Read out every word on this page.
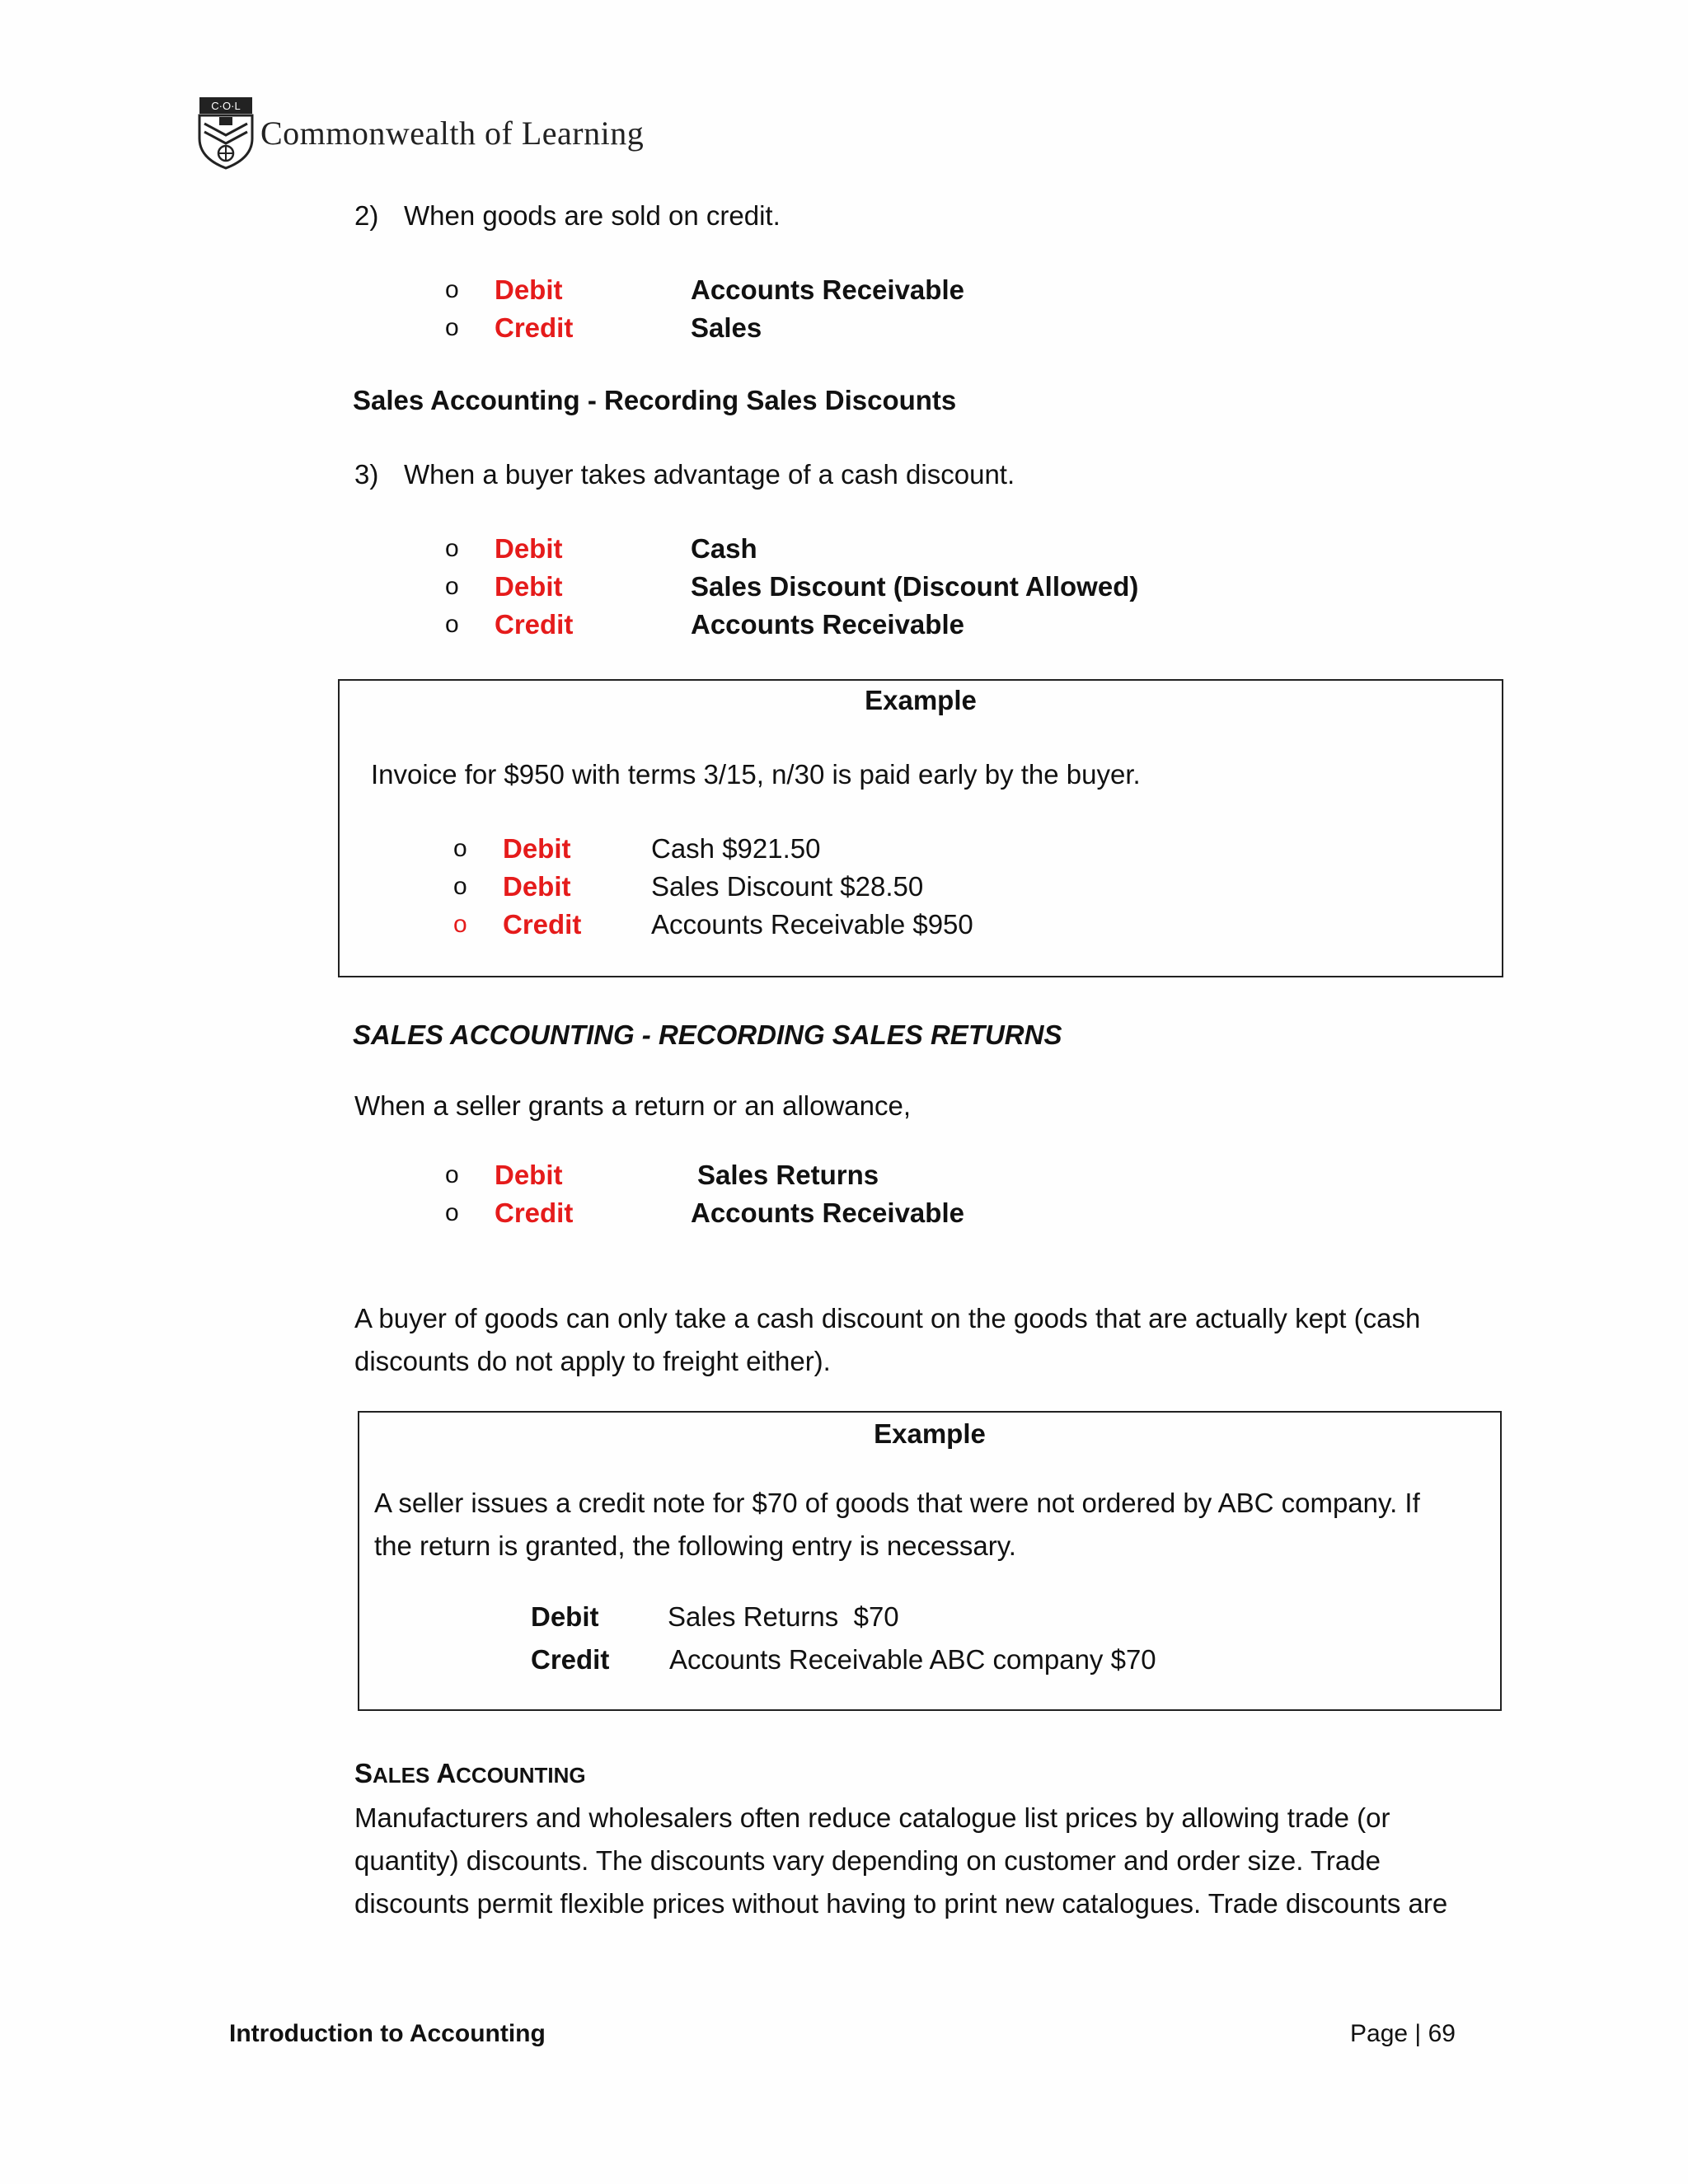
C·O·L
Commonwealth of Learning
2) When goods are sold on credit.
o Debit	Accounts Receivable
o Credit	Sales
Sales Accounting - Recording Sales Discounts
3) When a buyer takes advantage of a cash discount.
o Debit	Cash
o Debit	Sales Discount (Discount Allowed)
o Credit	Accounts Receivable
Example
Invoice for $950 with terms 3/15, n/30 is paid early by the buyer.
o Debit	Cash $921.50
o Debit	Sales Discount $28.50
o Credit	Accounts Receivable $950
SALES ACCOUNTING - RECORDING SALES RETURNS
When a seller grants a return or an allowance,
o Debit	Sales Returns
o Credit	Accounts Receivable
A buyer of goods can only take a cash discount on the goods that are actually kept (cash
discounts do not apply to freight either).
Example
A seller issues a credit note for $70 of goods that were not ordered by ABC company. If
the return is granted, the following entry is necessary.
Debit	Sales Returns  $70
Credit Accounts Receivable ABC company $70
SALES ACCOUNTING
Manufacturers and wholesalers often reduce catalogue list prices by allowing trade (or
quantity) discounts. The discounts vary depending on customer and order size. Trade
discounts permit flexible prices without having to print new catalogues. Trade discounts are
Introduction to Accounting	Page | 69
